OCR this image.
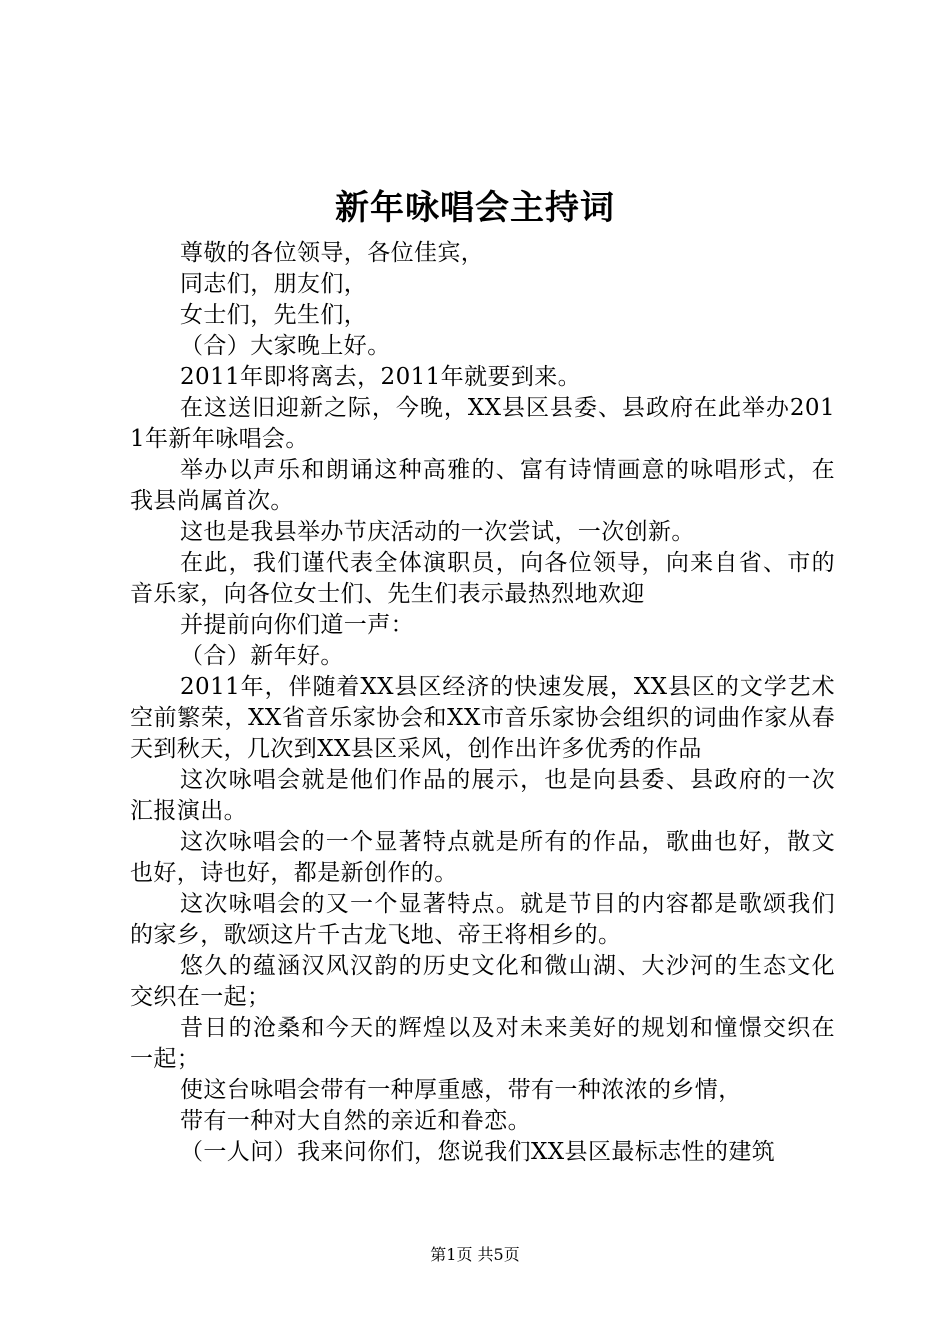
新年咏唱会主持词

尊敬的各位领导，各位佳宾，

同志们，朋友们，

女士们，先生们，

（合）大家晚上好。

2011年即将离去，2011年就要到来。

在这送旧迎新之际，今晚，XX县区县委、县政府在此举办2011年新年咏唱会。

举办以声乐和朗诵这种高雅的、富有诗情画意的咏唱形式，在我县尚属首次。

这也是我县举办节庆活动的一次尝试，一次创新。

在此，我们谨代表全体演职员，向各位领导，向来自省、市的音乐家，向各位女士们、先生们表示最热烈地欢迎

并提前向你们道一声：

（合）新年好。

2011年，伴随着XX县区经济的快速发展，XX县区的文学艺术空前繁荣，XX省音乐家协会和XX市音乐家协会组织的词曲作家从春天到秋天，几次到XX县区采风，创作出许多优秀的作品

这次咏唱会就是他们作品的展示，也是向县委、县政府的一次汇报演出。

这次咏唱会的一个显著特点就是所有的作品，歌曲也好，散文也好，诗也好，都是新创作的。

这次咏唱会的又一个显著特点。就是节目的内容都是歌颂我们的家乡，歌颂这片千古龙飞地、帝王将相乡的。

悠久的蕴涵汉风汉韵的历史文化和微山湖、大沙河的生态文化交织在一起；

昔日的沧桑和今天的辉煌以及对未来美好的规划和憧憬交织在一起；

使这台咏唱会带有一种厚重感，带有一种浓浓的乡情，

带有一种对大自然的亲近和眷恋。

（一人问）我来问你们，您说我们XX县区最标志性的建筑

第1页 共5页
